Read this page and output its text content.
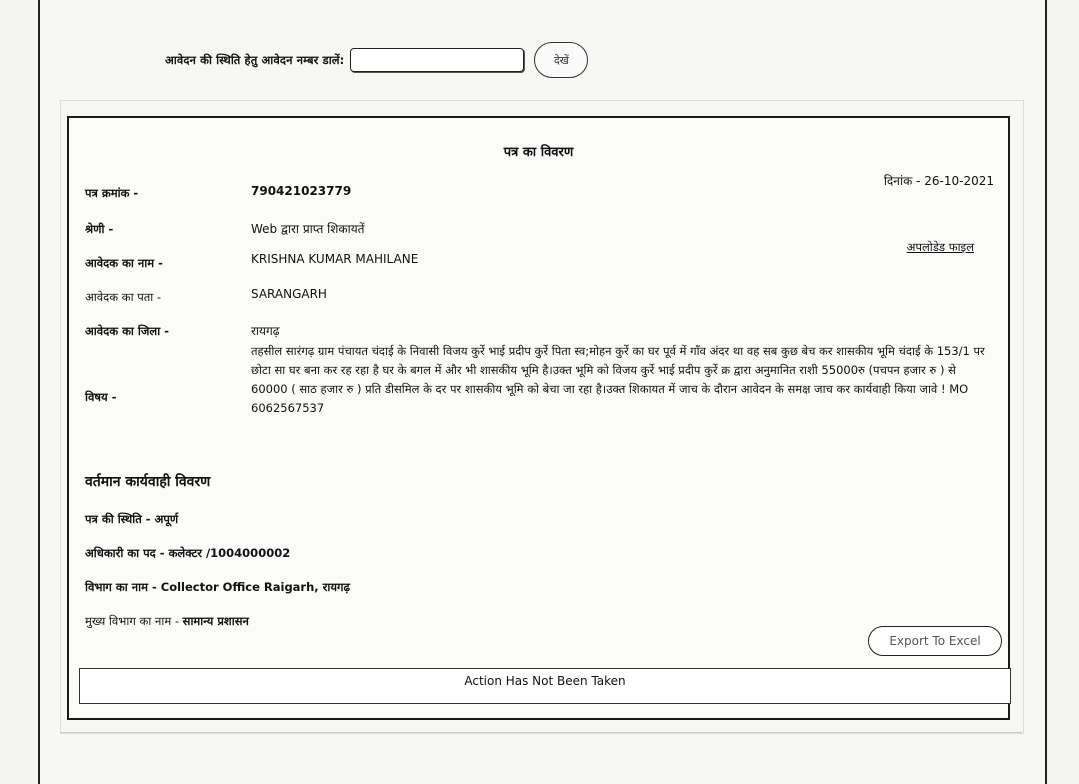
आवेदन की स्थिति हेतु आवेदन नम्बर डालें:	देखें
पत्र का विवरण
दिनांक - 26-10-2021
अपलोडेड फाइल
पत्र क्रमांक -	790421023779
श्रेणी -	Web द्वारा प्राप्त शिकायतें
आवेदक का नाम -	KRISHNA KUMAR MAHILANE
आवेदक का पता -	SARANGARH
आवेदक का जिला -	रायगढ़
विषय -
तहसील सारंगढ़ ग्राम पंचायत चंदाई के निवासी विजय कुर्रे भाई प्रदीप कुर्रे पिता स्व;मोहन कुर्रे का घर पूर्व में गाँव अंदर था वह सब कुछ बेच कर शासकीय भूमि चंदाई के 153/1 पर छोटा सा घर बना कर रह रहा है घर के बगल में और भी शासकीय भूमि है।उक्त भूमि को विजय कुर्रे भाई प्रदीप कुर्रे क्र द्वारा अनुमानित राशी 55000रु (पचपन हजार रु ) से 60000 ( साठ हजार रु ) प्रति डीसमिल के दर पर शासकीय भूमि को बेचा जा रहा है।उक्त शिकायत में जाच के दौरान आवेदन के समक्ष जाच कर कार्यवाही किया जावे ! MO 6062567537
वर्तमान कार्यवाही विवरण
पत्र की स्थिति - अपूर्ण
अधिकारी का पद - कलेक्टर /1004000002
विभाग का नाम - Collector Office Raigarh, रायगढ़
मुख्य विभाग का नाम - सामान्य प्रशासन
Export To Excel
Action Has Not Been Taken
